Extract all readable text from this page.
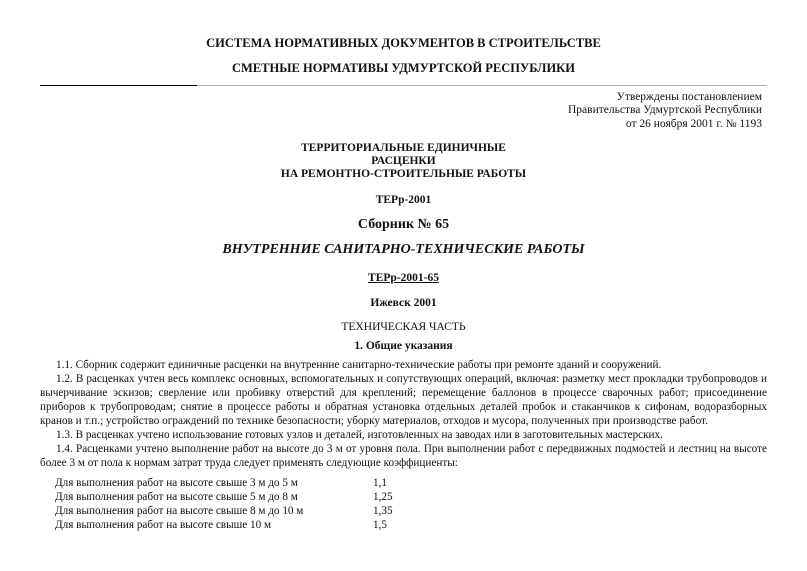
СИСТЕМА НОРМАТИВНЫХ ДОКУМЕНТОВ В СТРОИТЕЛЬСТВЕ
СМЕТНЫЕ НОРМАТИВЫ УДМУРТСКОЙ РЕСПУБЛИКИ
Утверждены постановлением
Правительства Удмуртской Республики
от 26 ноября 2001 г. № 1193
ТЕРРИТОРИАЛЬНЫЕ ЕДИНИЧНЫЕ
РАСЦЕНКИ
НА РЕМОНТНО-СТРОИТЕЛЬНЫЕ РАБОТЫ
ТЕРр-2001
Сборник № 65
ВНУТРЕННИЕ САНИТАРНО-ТЕХНИЧЕСКИЕ РАБОТЫ
ТЕРр-2001-65
Ижевск 2001
ТЕХНИЧЕСКАЯ ЧАСТЬ
1. Общие указания
1.1. Сборник содержит единичные расценки на внутренние санитарно-технические работы при ремонте зданий и сооружений.
1.2. В расценках учтен весь комплекс основных, вспомогательных и сопутствующих операций, включая: разметку мест прокладки трубопроводов и вычерчивание эскизов; сверление или пробивку отверстий для креплений; перемещение баллонов в процессе сварочных работ; присоединение приборов к трубопроводам; снятие в процессе работы и обратная установка отдельных деталей пробок и стаканчиков к сифонам, водоразборных кранов и т.п.; устройство ограждений по технике безопасности; уборку материалов, отходов и мусора, полученных при производстве работ.
1.3. В расценках учтено использование готовых узлов и деталей, изготовленных на заводах или в заготовительных мастерских.
1.4. Расценками учтено выполнение работ на высоте до 3 м от уровня пола. При выполнении работ с передвижных подмостей и лестниц на высоте более 3 м от пола к нормам затрат труда следует применять следующие коэффициенты:
Для выполнения работ на высоте свыше 3 м до 5 м	1,1
Для выполнения работ на высоте свыше 5 м до 8 м	1,25
Для выполнения работ на высоте свыше 8 м до 10 м	1,35
Для выполнения работ на высоте свыше 10 м	1,5
